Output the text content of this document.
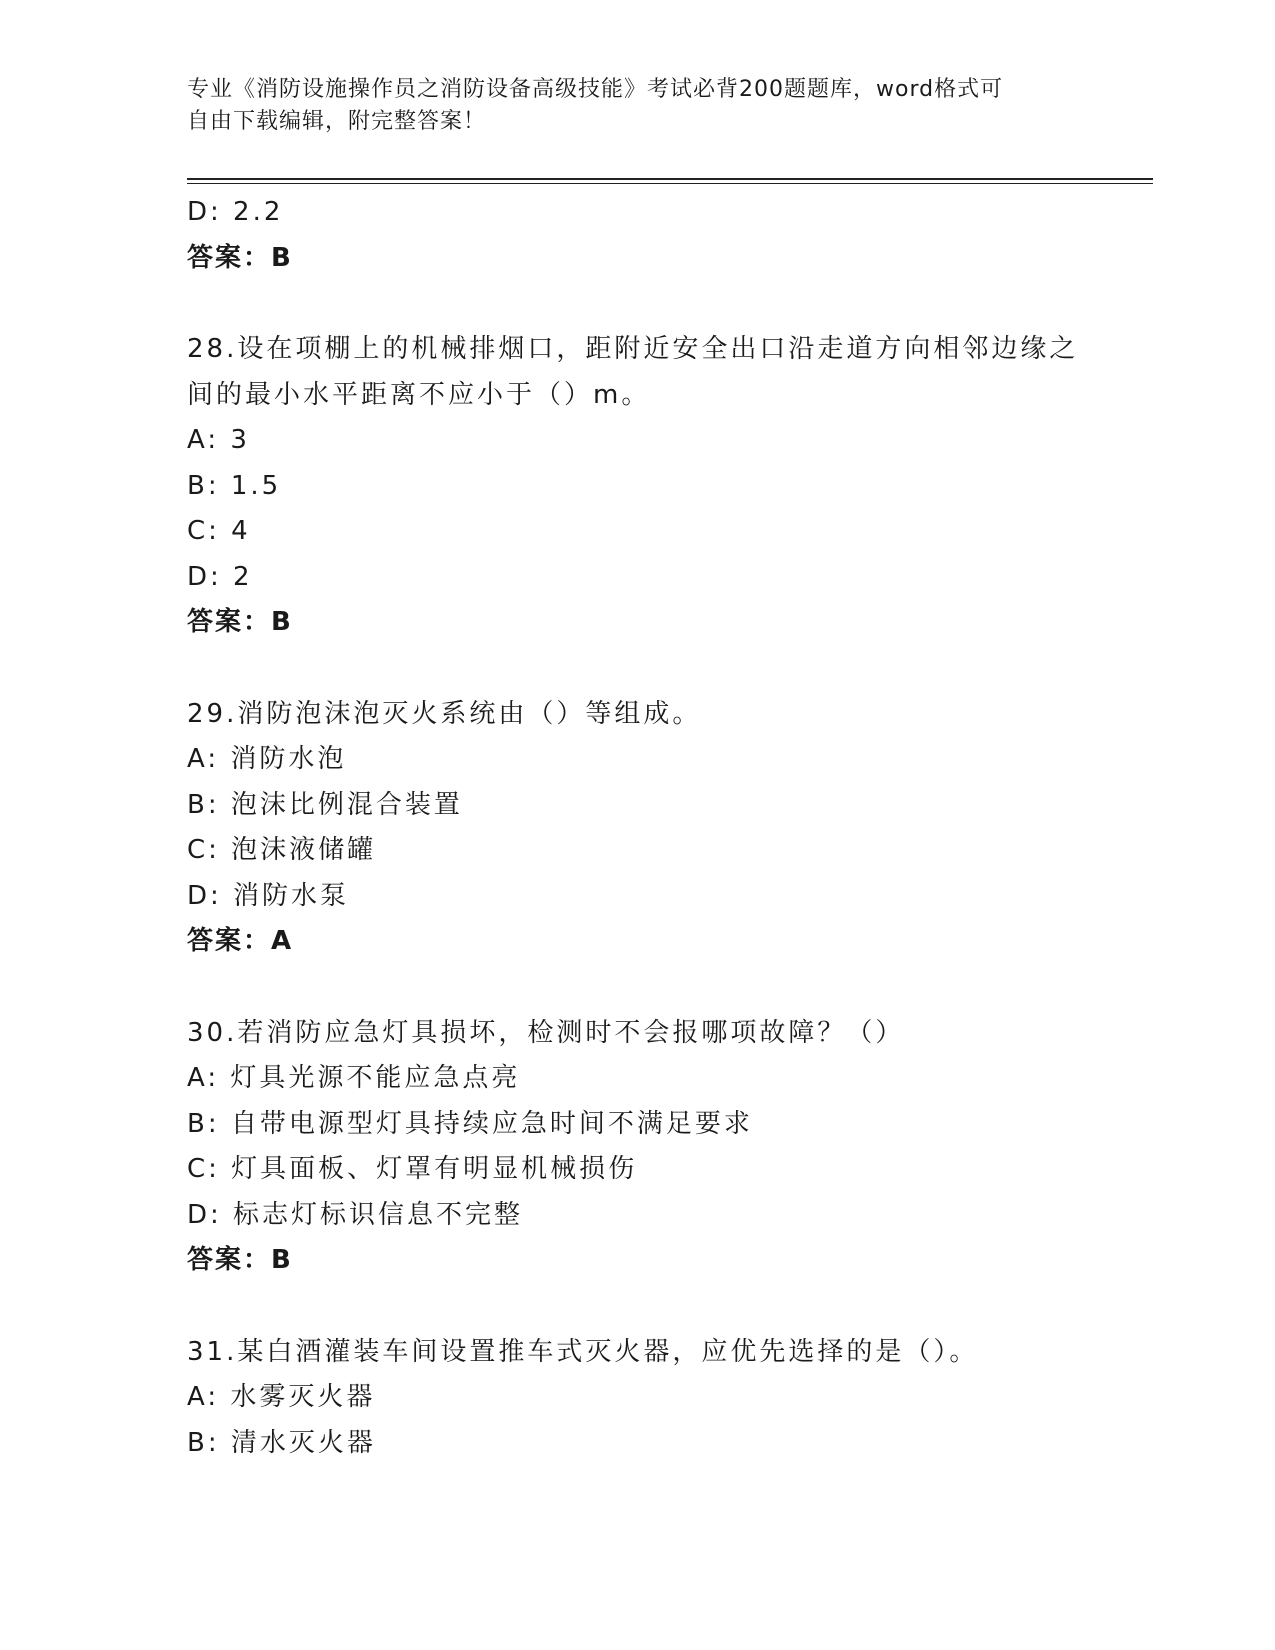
专业《消防设施操作员之消防设备高级技能》考试必背200题题库，word格式可
自由下载编辑，附完整答案！
D: 2.2
答案：B
28.设在项棚上的机械排烟口，距附近安全出口沿走道方向相邻边缘之
间的最小水平距离不应小于（）m。
A: 3
B: 1.5
C: 4
D: 2
答案：B
29.消防泡沫泡灭火系统由（）等组成。
A: 消防水泡
B: 泡沫比例混合装置
C: 泡沫液储罐
D: 消防水泵
答案：A
30.若消防应急灯具损坏，检测时不会报哪项故障？（）
A: 灯具光源不能应急点亮
B: 自带电源型灯具持续应急时间不满足要求
C: 灯具面板、灯罩有明显机械损伤
D: 标志灯标识信息不完整
答案：B
31.某白酒灌装车间设置推车式灭火器，应优先选择的是（）。
A: 水雾灭火器
B: 清水灭火器
